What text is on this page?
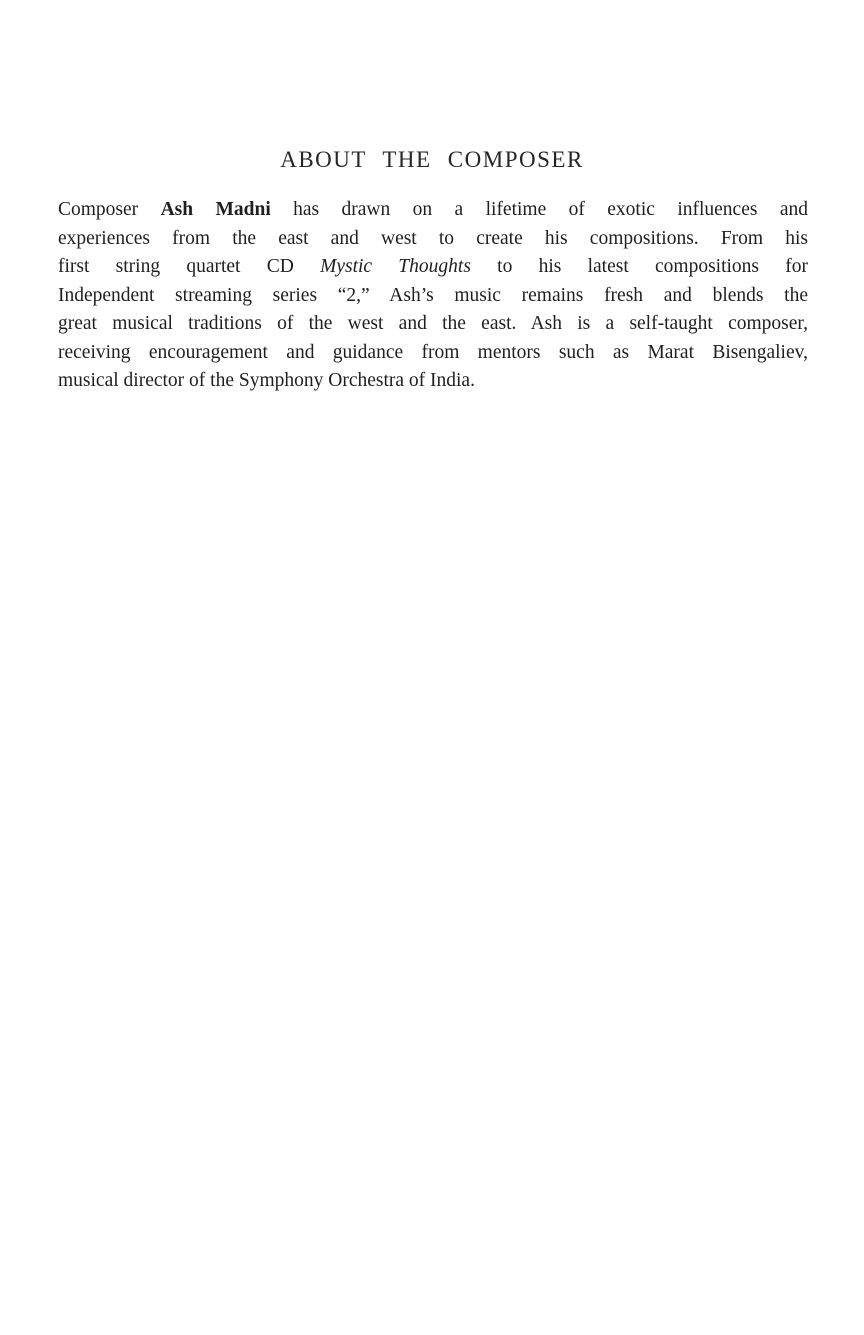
ABOUT THE COMPOSER
Composer Ash Madni has drawn on a lifetime of exotic influences and
experiences from the east and west to create his compositions. From his
first string quartet CD Mystic Thoughts to his latest compositions for
Independent streaming series “2,” Ash’s music remains fresh and blends the
great musical traditions of the west and the east. Ash is a self-taught composer,
receiving encouragement and guidance from mentors such as Marat Bisengaliev,
musical director of the Symphony Orchestra of India.
